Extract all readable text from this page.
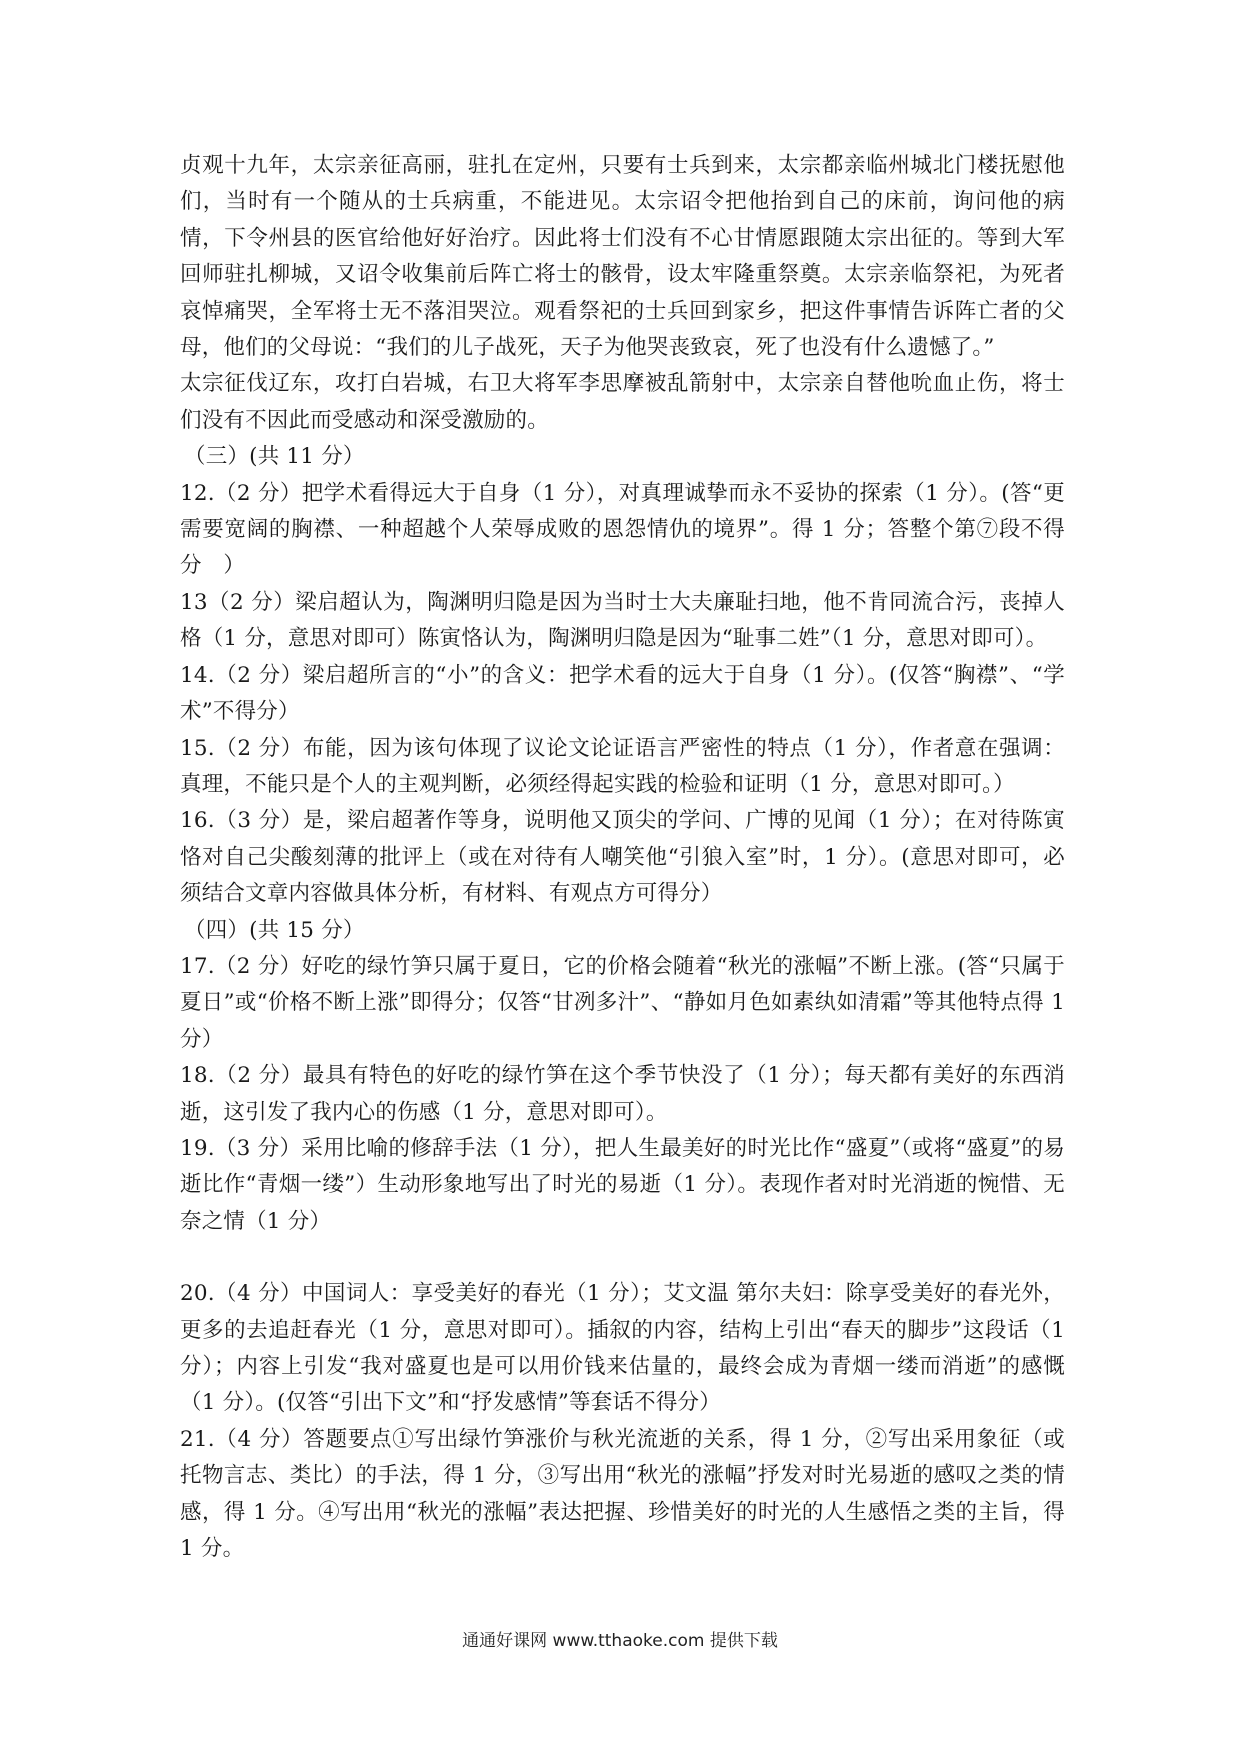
贞观十九年，太宗亲征高丽，驻扎在定州，只要有士兵到来，太宗都亲临州城北门楼抚慰他们，当时有一个随从的士兵病重，不能进见。太宗诏令把他抬到自己的床前，询问他的病情，下令州县的医官给他好好治疗。因此将士们没有不心甘情愿跟随太宗出征的。等到大军回师驻扎柳城，又诏令收集前后阵亡将士的骸骨，设太牢隆重祭奠。太宗亲临祭祀，为死者哀悼痛哭，全军将士无不落泪哭泣。观看祭祀的士兵回到家乡，把这件事情告诉阵亡者的父母，他们的父母说：“我们的儿子战死，天子为他哭丧致哀，死了也没有什么遗憾了。”

太宗征伐辽东，攻打白岩城，右卫大将军李思摩被乱箭射中，太宗亲自替他吮血止伤，将士们没有不因此而受感动和深受激励的。

（三）(共 11 分）

12.（2 分）把学术看得远大于自身（1 分），对真理诚挚而永不妥协的探索（1 分）。(答“更需要宽阔的胸襟、一种超越个人荣辱成败的恩怨情仇的境界”。得 1 分；答整个第⑦段不得分　）

13（2 分）梁启超认为，陶渊明归隐是因为当时士大夫廉耻扫地，他不肯同流合污，丧掉人格（1 分，意思对即可）陈寅恪认为，陶渊明归隐是因为“耻事二姓”（1 分，意思对即可）。

14.（2 分）梁启超所言的“小”的含义：把学术看的远大于自身（1 分）。(仅答“胸襟”、“学术”不得分）

15.（2 分）布能，因为该句体现了议论文论证语言严密性的特点（1 分），作者意在强调：真理，不能只是个人的主观判断，必须经得起实践的检验和证明（1 分，意思对即可。）

16.（3 分）是，梁启超著作等身，说明他又顶尖的学问、广博的见闻（1 分）；在对待陈寅恪对自己尖酸刻薄的批评上（或在对待有人嘲笑他“引狼入室”时，1 分）。(意思对即可，必须结合文章内容做具体分析，有材料、有观点方可得分）

（四）(共 15 分）

17.（2 分）好吃的绿竹笋只属于夏日，它的价格会随着“秋光的涨幅”不断上涨。(答“只属于夏日”或“价格不断上涨”即得分；仅答“甘冽多汁”、“静如月色如素纨如清霜”等其他特点得 1 分）

18.（2 分）最具有特色的好吃的绿竹笋在这个季节快没了（1 分）；每天都有美好的东西消逝，这引发了我内心的伤感（1 分，意思对即可）。

19.（3 分）采用比喻的修辞手法（1 分），把人生最美好的时光比作“盛夏”（或将“盛夏”的易逝比作“青烟一缕”）生动形象地写出了时光的易逝（1 分）。表现作者对时光消逝的惋惜、无奈之情（1 分）

20.（4 分）中国词人：享受美好的春光（1 分）；艾文温 第尔夫妇：除享受美好的春光外，更多的去追赶春光（1 分，意思对即可）。插叙的内容，结构上引出“春天的脚步”这段话（1 分）；内容上引发“我对盛夏也是可以用价钱来估量的，最终会成为青烟一缕而消逝”的感慨（1 分）。(仅答“引出下文”和“抒发感情”等套话不得分）

21.（4 分）答题要点①写出绿竹笋涨价与秋光流逝的关系，得 1 分，②写出采用象征（或托物言志、类比）的手法，得 1 分，③写出用“秋光的涨幅”抒发对时光易逝的感叹之类的情感，得 1 分。④写出用“秋光的涨幅”表达把握、珍惜美好的时光的人生感悟之类的主旨，得 1 分。

通通好课网 www.tthaoke.com 提供下载
